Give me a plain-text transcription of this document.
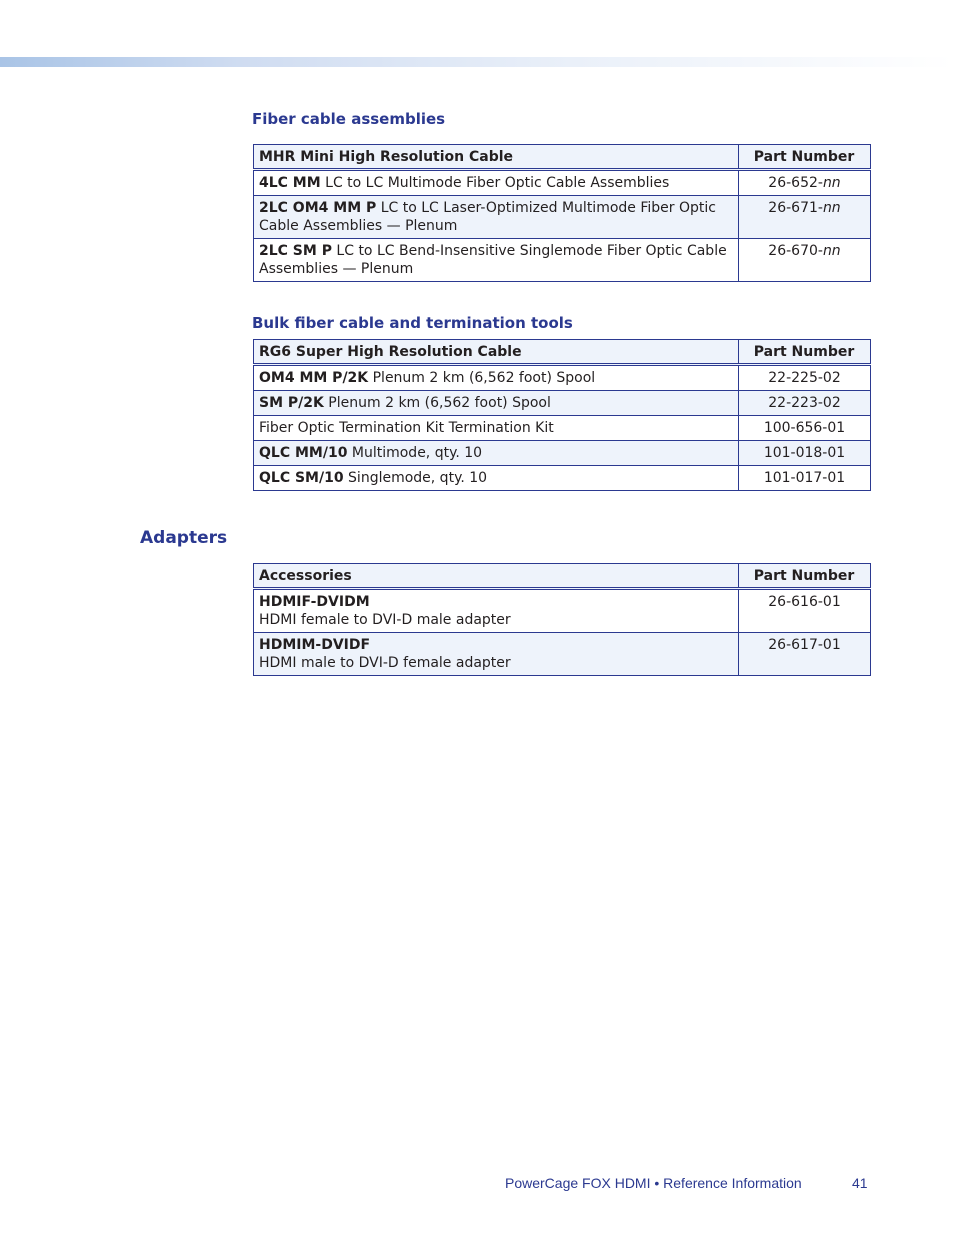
Fiber cable assemblies
MHR Mini High Resolution Cable	Part Number
4LC MM LC to LC Multimode Fiber Optic Cable Assemblies	26-652-nn
2LC OM4 MM P LC to LC Laser-Optimized Multimode Fiber Optic Cable Assemblies — Plenum	26-671-nn
2LC SM P LC to LC Bend-Insensitive Singlemode Fiber Optic Cable Assemblies — Plenum	26-670-nn
Bulk fiber cable and termination tools
RG6 Super High Resolution Cable	Part Number
OM4 MM P/2K Plenum 2 km (6,562 foot) Spool	22-225-02
SM P/2K Plenum 2 km (6,562 foot) Spool	22-223-02
Fiber Optic Termination Kit Termination Kit	100-656-01
QLC MM/10 Multimode, qty. 10	101-018-01
QLC SM/10 Singlemode, qty. 10	101-017-01
Adapters
Accessories	Part Number

HDMIF-DVIDM
HDMI female to DVI-D male adapter	26-616-01

HDMIM-DVIDF
HDMI male to DVI-D female adapter	26-617-01
PowerCage FOX HDMI • Reference Information	41
